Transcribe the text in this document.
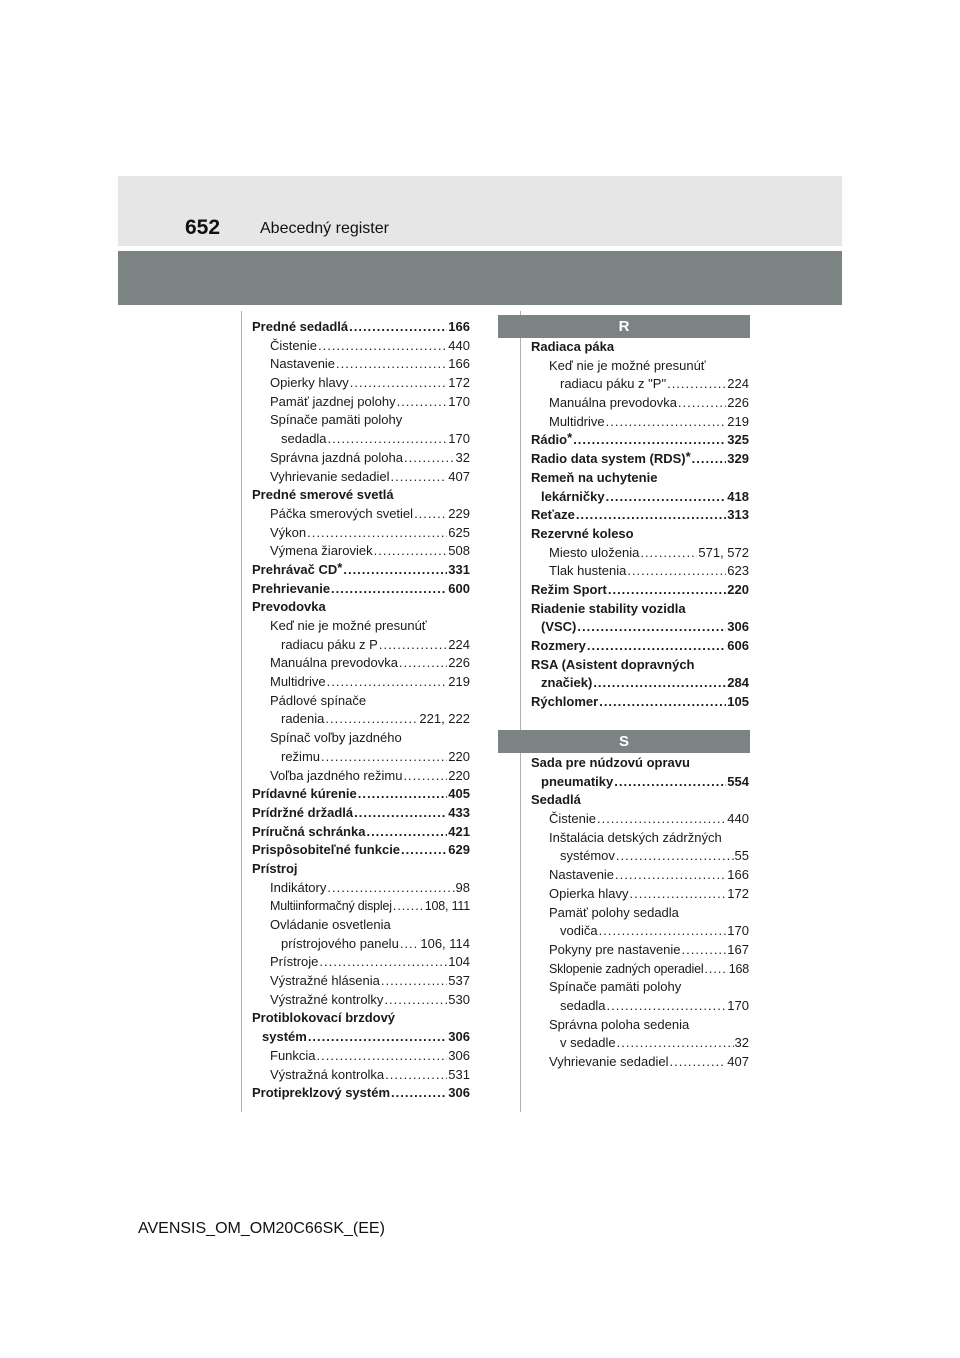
652 Abecedný register
R
S
Predné sedadlá .....	166
Čistenie .....	440
Nastavenie .....	166
Opierky hlavy .....	172
Pamäť jazdnej polohy .....	170
Spínače pamäti polohy
sedadla .....	170
Správna jazdná poloha .....	32
Vyhrievanie sedadiel .....	407
Predné smerové svetlá
Páčka smerových svetiel .....	229
Výkon .....	625
Výmena žiaroviek .....	508
Prehrávač CD* .....	331
Prehrievanie .....	600
Prevodovka
Keď nie je možné presunúť
radiacu páku z P .....	224
Manuálna prevodovka .....	226
Multidrive .....	219
Pádlové spínače
radenia .....	221, 222
Spínač voľby jazdného
režimu .....	220
Voľba jazdného režimu .....	220
Prídavné kúrenie .....	405
Prídržné držadlá .....	433
Príručná schránka .....	421
Prispôsobiteľné funkcie .....	629
Prístroj
Indikátory .....	98
Multiinformačný displej .....	108, 111
Ovládanie osvetlenia
prístrojového panelu ..... 106, 114
Prístroje .....	104
Výstražné hlásenia .....	537
Výstražné kontrolky .....	530
Protiblokovací brzdový
systém .....	306
Funkcia .....	306
Výstražná kontrolka .....	531
Protipreklzový systém .....	306
Radiaca páka
Keď nie je možné presunúť
radiacu páku z "P" .....	224
Manuálna prevodovka .....	226
Multidrive .....	219
Rádio* .....	325
Radio data system (RDS)* .....	329
Remeň na uchytenie
lekárničky .....	418
Reťaze .....	313
Rezervné koleso
Miesto uloženia .....	571, 572
Tlak hustenia .....	623
Režim Sport .....	220
Riadenie stability vozidla
(VSC) .....	306
Rozmery .....	606
RSA (Asistent dopravných
značiek) .....	284
Rýchlomer .....	105
Sada pre núdzovú opravu
pneumatiky .....	554
Sedadlá
Čistenie .....	440
Inštalácia detských zádržných
systémov .....	55
Nastavenie .....	166
Opierka hlavy .....	172
Pamäť polohy sedadla
vodiča .....	170
Pokyny pre nastavenie .....	167
Sklopenie zadných operadiel ..... 168
Spínače pamäti polohy
sedadla .....	170
Správna poloha sedenia
v sedadle .....	32
Vyhrievanie sedadiel .....	407
AVENSIS_OM_OM20C66SK_(EE)
